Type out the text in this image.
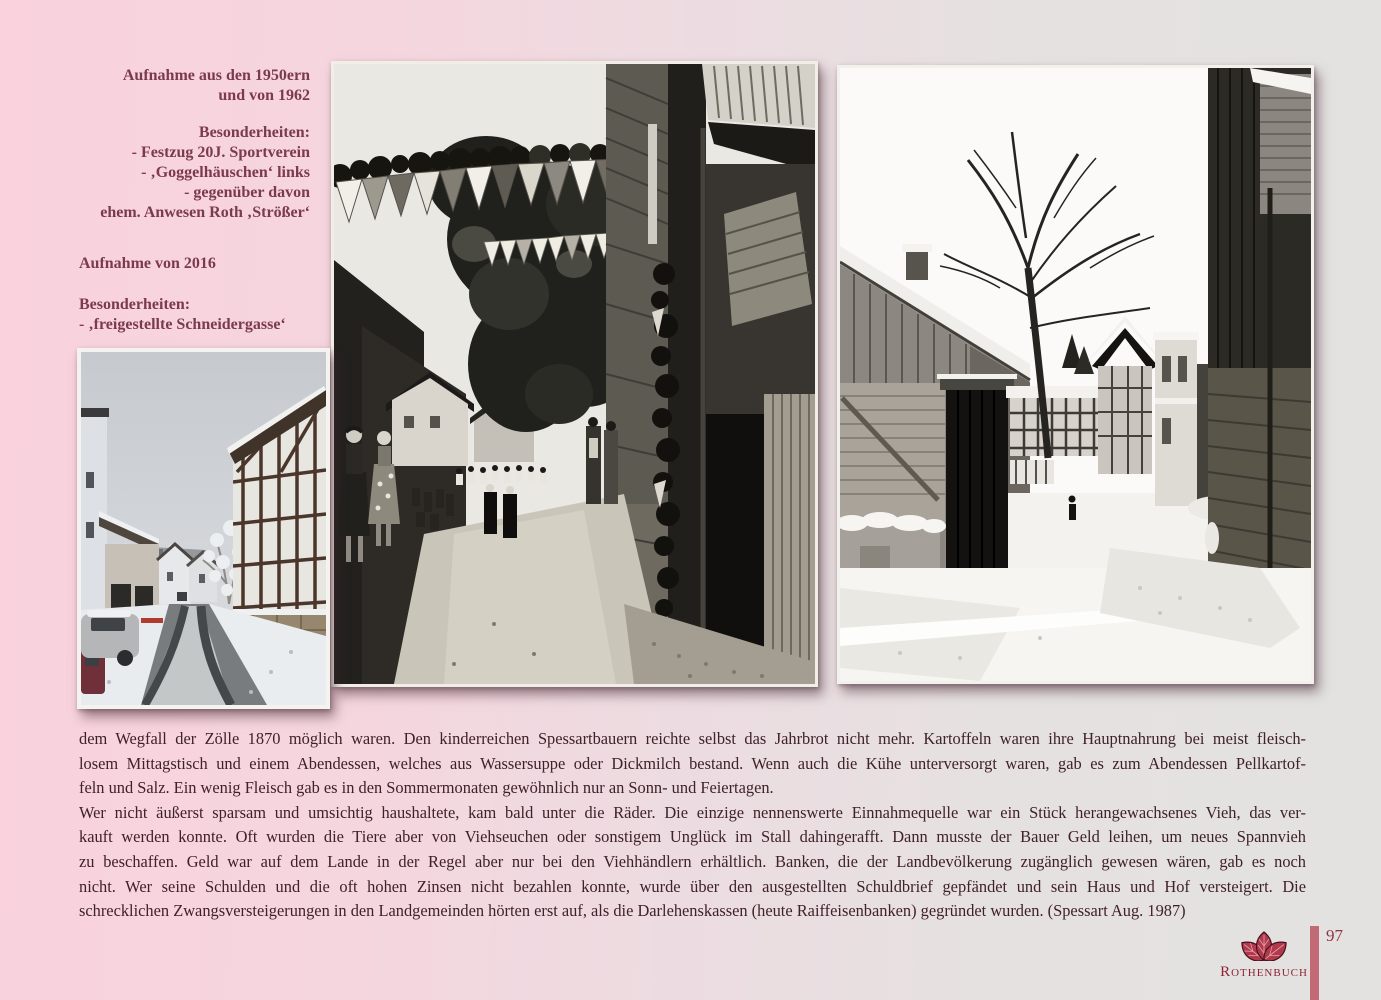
Aufnahme aus den 1950ern
und von 1962
Besonderheiten:
- Festzug 20J. Sportverein
- ‚Goggelhäuschen‘ links
- gegenüber davon
ehem. Anwesen Roth ‚Strößer‘
Aufnahme von 2016
Besonderheiten:
- ‚freigestellte Schneidergasse‘
dem Wegfall der Zölle 1870 möglich waren. Den kinderreichen Spessartbauern reichte selbst das Jahrbrot nicht mehr. Kartoffeln waren ihre Hauptnahrung bei meist fleisch-
losem Mittagstisch und einem Abendessen, welches aus Wassersuppe oder Dickmilch bestand. Wenn auch die Kühe unterversorgt waren, gab es zum Abendessen Pellkartof-
feln und Salz. Ein wenig Fleisch gab es in den Sommermonaten gewöhnlich nur an Sonn- und Feiertagen.
Wer nicht äußerst sparsam und umsichtig haushaltete, kam bald unter die Räder. Die einzige nennenswerte Einnahmequelle war ein Stück herangewachsenes Vieh, das ver-
kauft werden konnte. Oft wurden die Tiere aber von Viehseuchen oder sonstigem Unglück im Stall dahingerafft. Dann musste der Bauer Geld leihen, um neues Spannvieh
zu beschaffen. Geld war auf dem Lande in der Regel aber nur bei den Viehhändlern erhältlich. Banken, die der Landbevölkerung zugänglich gewesen wären, gab es noch
nicht. Wer seine Schulden und die oft hohen Zinsen nicht bezahlen konnte, wurde über den ausgestellten Schuldbrief gepfändet und sein Haus und Hof versteigert. Die
schrecklichen Zwangsversteigerungen in den Landgemeinden hörten erst auf, als die Darlehenskassen (heute Raiffeisenbanken) gegründet wurden. (Spessart Aug. 1987)
Rothenbuch
97
